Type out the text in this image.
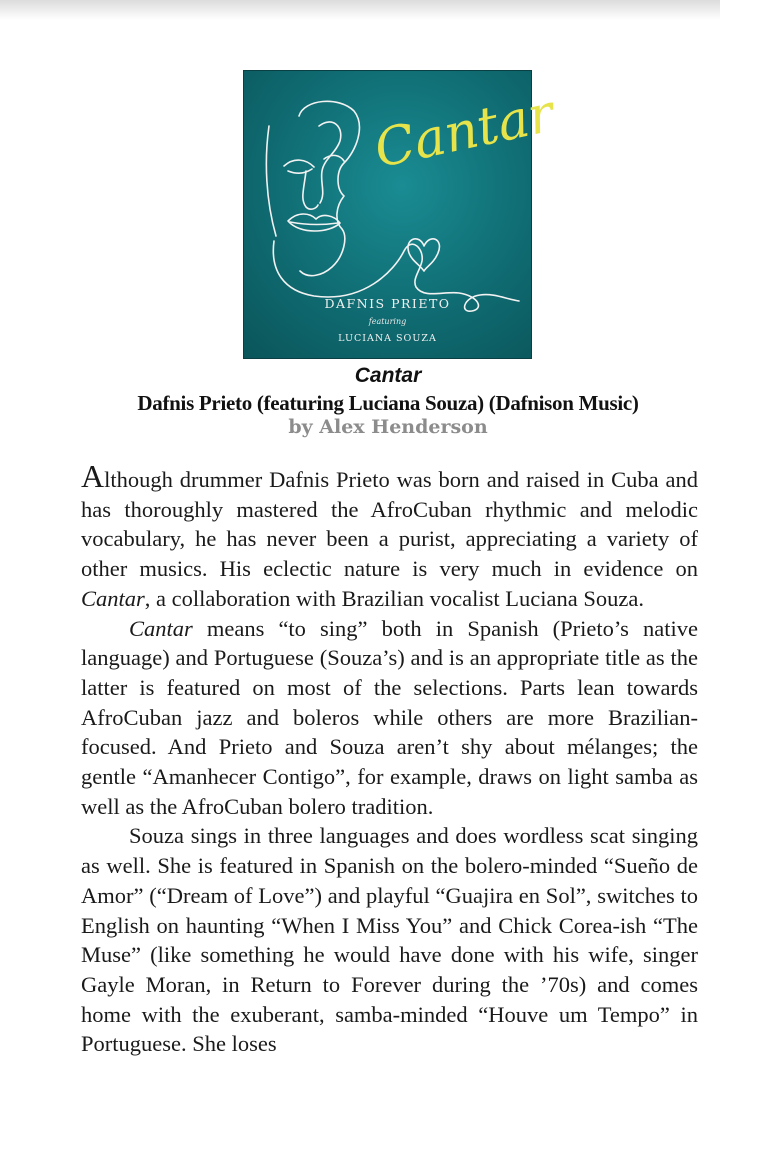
Cantar
DAFNIS PRIETO
featuring
LUCIANA SOUZA
Cantar
Dafnis Prieto (featuring Luciana Souza) (Dafnison Music)
by Alex Henderson

Although drummer Dafnis Prieto was born and raised in Cuba and has thoroughly mastered the AfroCuban rhythmic and melodic vocabulary, he has never been a purist, appreciating a variety of other musics. His eclectic nature is very much in evidence on Cantar, a collaboration with Brazilian vocalist Luciana Souza.

Cantar means “to sing” both in Spanish (Prieto’s native language) and Portuguese (Souza’s) and is an appropriate title as the latter is featured on most of the selections. Parts lean towards AfroCuban jazz and boleros while others are more Brazilian-focused. And Prieto and Souza aren’t shy about mélanges; the gentle “Amanhecer Contigo”, for example, draws on light samba as well as the AfroCuban bolero tradition.

Souza sings in three languages and does wordless scat singing as well. She is featured in Spanish on the bolero-minded “Sueño de Amor” (“Dream of Love”) and playful “Guajira en Sol”, switches to English on haunting “When I Miss You” and Chick Corea-ish “The Muse” (like something he would have done with his wife, singer Gayle Moran, in Return to Forever during the ’70s) and comes home with the exuberant, samba-minded “Houve um Tempo” in Portuguese. She loses
